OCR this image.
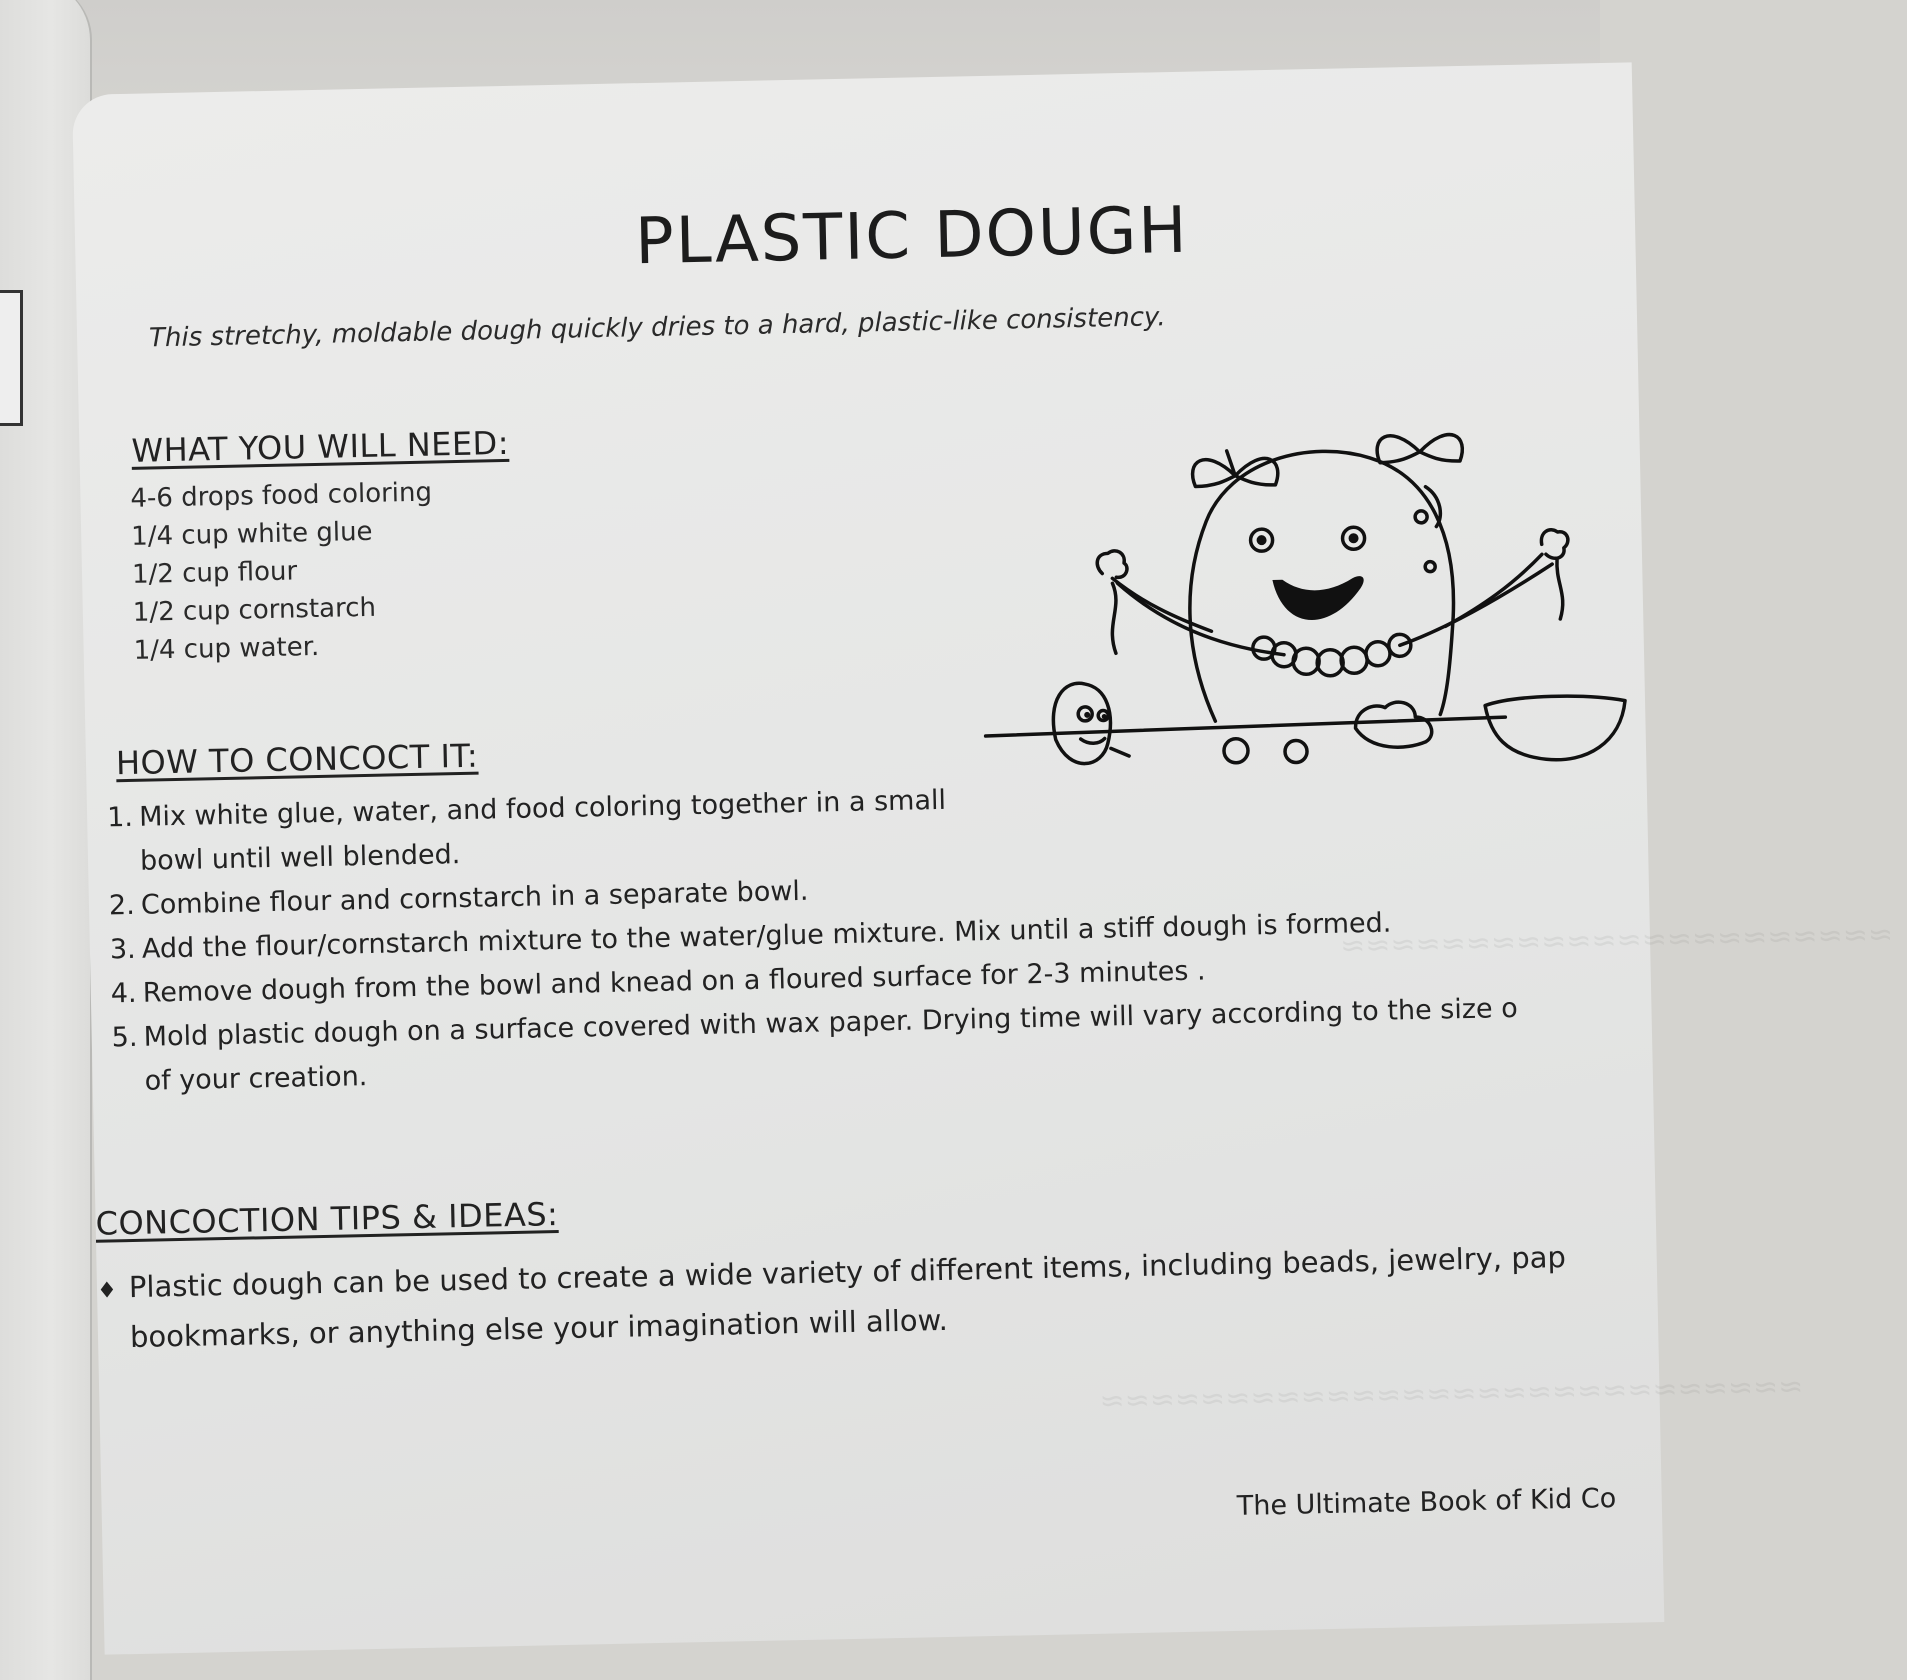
≈≈≈≈≈≈≈≈≈≈≈≈≈≈≈≈≈≈≈≈≈≈
≈≈≈≈≈≈≈≈≈≈≈≈≈≈≈≈≈≈≈≈≈≈≈≈≈≈≈≈
PLASTIC DOUGH
This stretchy, moldable dough quickly dries to a hard, plastic-like consistency.
WHAT YOU WILL NEED:
4-6 drops food coloring
1/4 cup white glue
1/2 cup flour
1/2 cup cornstarch
1/4 cup water.
HOW TO CONCOCT IT:
1. Mix white glue, water, and food coloring together in a small
bowl until well blended.
2. Combine flour and cornstarch in a separate bowl.
3. Add the flour/cornstarch mixture to the water/glue mixture. Mix until a stiff dough is formed.
4. Remove dough from the bowl and knead on a floured surface for 2-3 minutes .
5. Mold plastic dough on a surface covered with wax paper. Drying time will vary according to the size o
of your creation.
CONCOCTION TIPS & IDEAS:
♦ Plastic dough can be used to create a wide variety of different items, including beads, jewelry, pap
bookmarks, or anything else your imagination will allow.
The Ultimate Book of Kid Co
